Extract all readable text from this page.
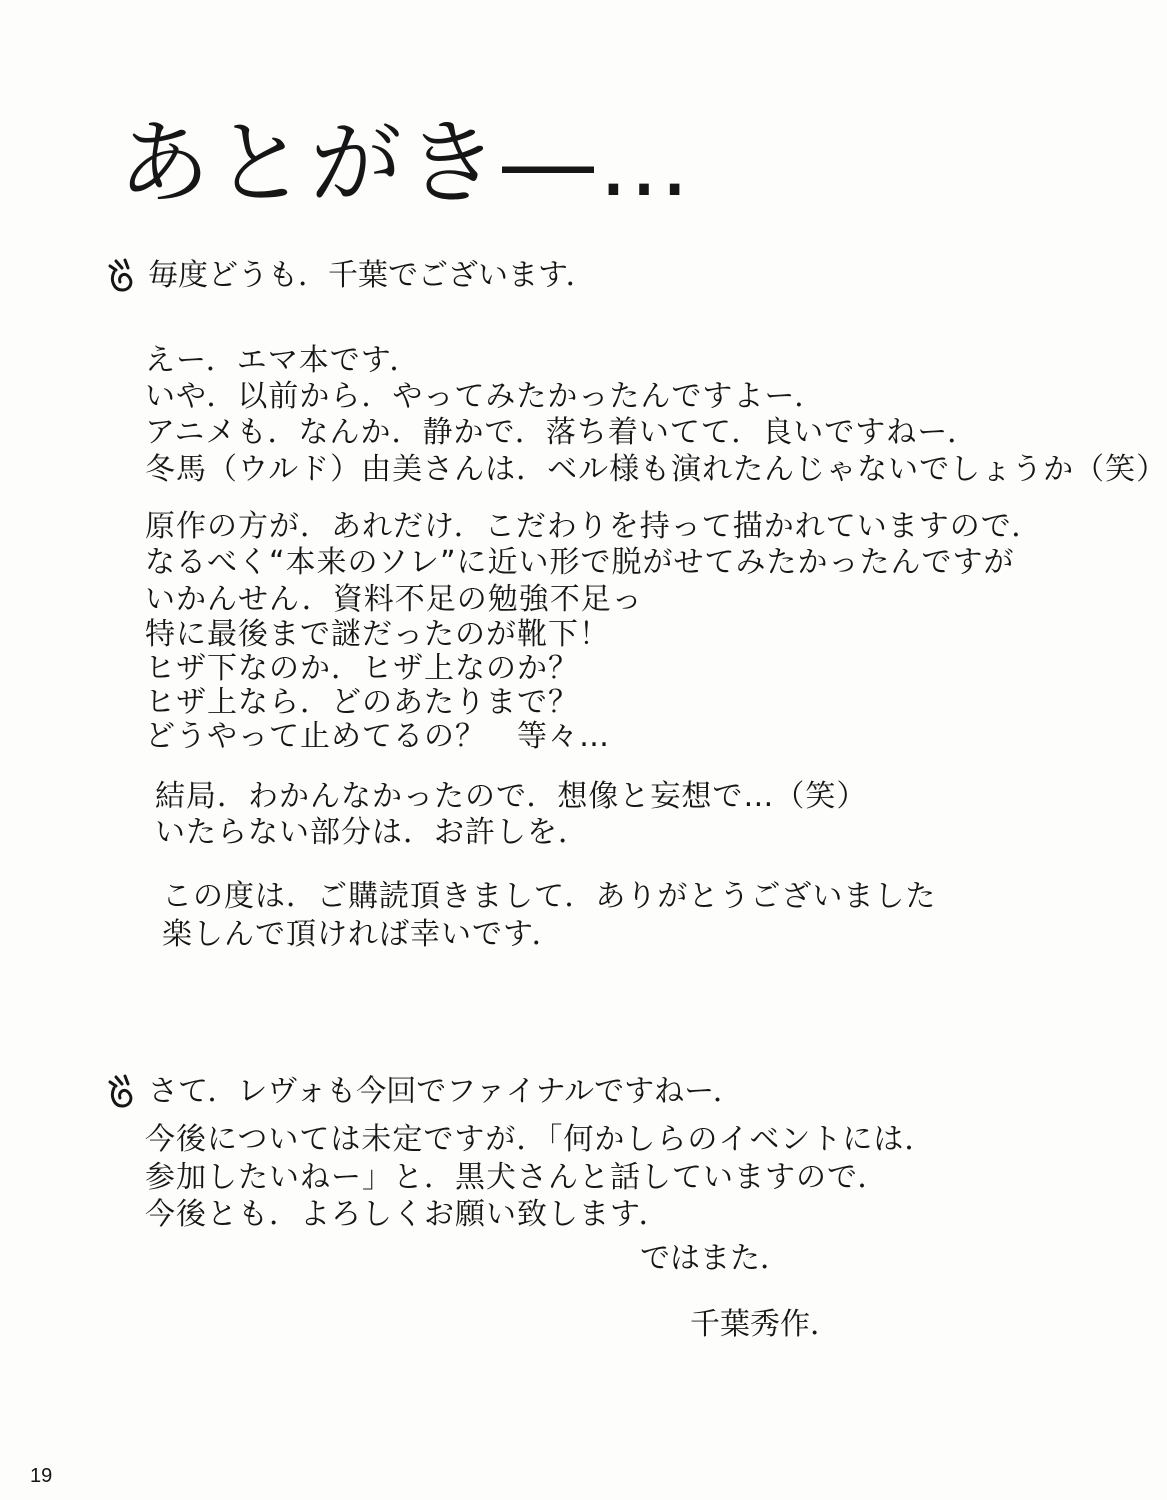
あとがき―…
毎度どうも．千葉でございます．
えー．エマ本です．
いや．以前から．やってみたかったんですよー．
アニメも．なんか．静かで．落ち着いてて．良いですねー．
冬馬（ウルド）由美さんは．ベル様も演れたんじゃないでしょうか（笑）
原作の方が．あれだけ．こだわりを持って描かれていますので．
なるべく“本来のソレ”に近い形で脱がせてみたかったんですが
いかんせん．資料不足の勉強不足っ
特に最後まで謎だったのが靴下！
ヒザ下なのか．ヒザ上なのか？
ヒザ上なら．どのあたりまで？
どうやって止めてるの？　等々…
結局．わかんなかったので．想像と妄想で…（笑）
いたらない部分は．お許しを．
この度は．ご購読頂きまして．ありがとうございました
楽しんで頂ければ幸いです．
さて．レヴォも今回でファイナルですねー．
今後については未定ですが．「何かしらのイベントには．
参加したいねー」と．黒犬さんと話していますので．
今後とも．よろしくお願い致します．
ではまた．
千葉秀作．
19
